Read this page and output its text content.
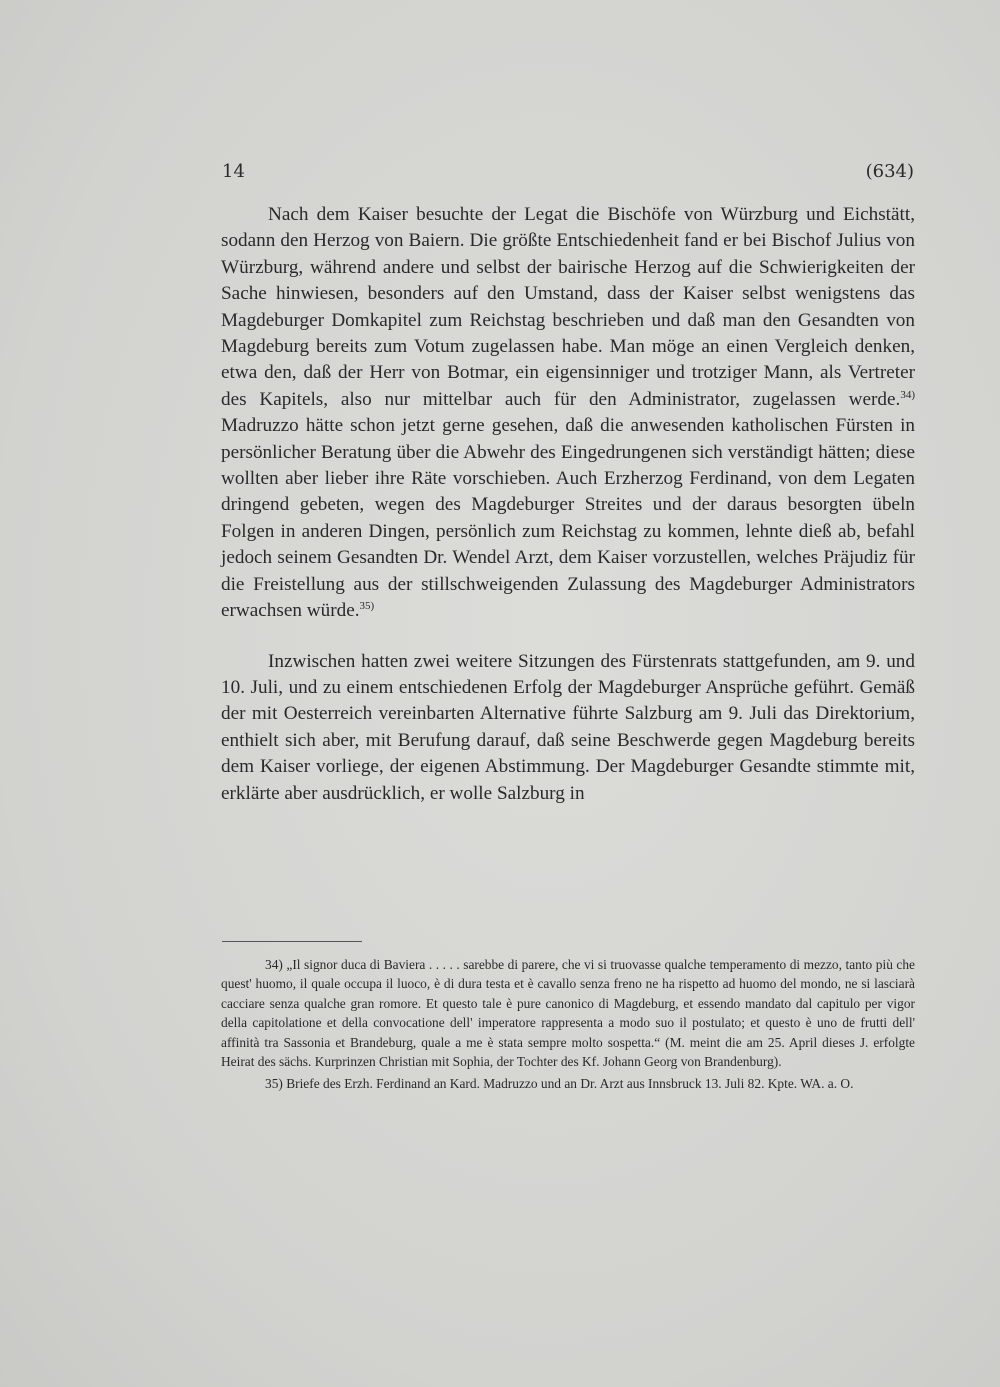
14	(634)

Nach dem Kaiser besuchte der Legat die Bischöfe von Würzburg und Eichstätt, sodann den Herzog von Baiern. Die größte Entschiedenheit fand er bei Bischof Julius von Würzburg, während andere und selbst der bairische Herzog auf die Schwierigkeiten der Sache hinwiesen, besonders auf den Umstand, dass der Kaiser selbst wenigstens das Magdeburger Domkapitel zum Reichstag beschrieben und daß man den Gesandten von Magdeburg bereits zum Votum zugelassen habe. Man möge an einen Vergleich denken, etwa den, daß der Herr von Botmar, ein eigensinniger und trotziger Mann, als Vertreter des Kapitels, also nur mittelbar auch für den Administrator, zugelassen werde.$^{34)}$ Madruzzo hätte schon jetzt gerne gesehen, daß die anwesenden katholischen Fürsten in persönlicher Beratung über die Abwehr des Eingedrungenen sich verständigt hätten; diese wollten aber lieber ihre Räte vorschieben. Auch Erzherzog Ferdinand, von dem Legaten dringend gebeten, wegen des Magdeburger Streites und der daraus besorgten übeln Folgen in anderen Dingen, persönlich zum Reichstag zu kommen, lehnte dieß ab, befahl jedoch seinem Gesandten Dr. Wendel Arzt, dem Kaiser vorzustellen, welches Präjudiz für die Freistellung aus der stillschweigenden Zulassung des Magdeburger Administrators erwachsen würde.$^{35)}$

Inzwischen hatten zwei weitere Sitzungen des Fürstenrats stattgefunden, am 9. und 10. Juli, und zu einem entschiedenen Erfolg der Magdeburger Ansprüche geführt. Gemäß der mit Oesterreich vereinbarten Alternative führte Salzburg am 9. Juli das Direktorium, enthielt sich aber, mit Berufung darauf, daß seine Beschwerde gegen Magdeburg bereits dem Kaiser vorliege, der eigenen Abstimmung. Der Magdeburger Gesandte stimmte mit, erklärte aber ausdrücklich, er wolle Salzburg in

34) „Il signor duca di Baviera . . . . . sarebbe di parere, che vi si truovasse qualche temperamento di mezzo, tanto più che quest' huomo, il quale occupa il luoco, è di dura testa et è cavallo senza freno ne ha rispetto ad huomo del mondo, ne si lasciarà cacciare senza qualche gran romore. Et questo tale è pure canonico di Magdeburg, et essendo mandato dal capitulo per vigor della capitolatione et della convocatione dell' imperatore rappresenta a modo suo il postulato; et questo è uno de frutti dell' affinità tra Sassonia et Brandeburg, quale a me è stata sempre molto sospetta.“ (M. meint die am 25. April dieses J. erfolgte Heirat des sächs. Kurprinzen Christian mit Sophia, der Tochter des Kf. Johann Georg von Brandenburg).

35) Briefe des Erzh. Ferdinand an Kard. Madruzzo und an Dr. Arzt aus Innsbruck 13. Juli 82. Kpte. WA. a. O.
